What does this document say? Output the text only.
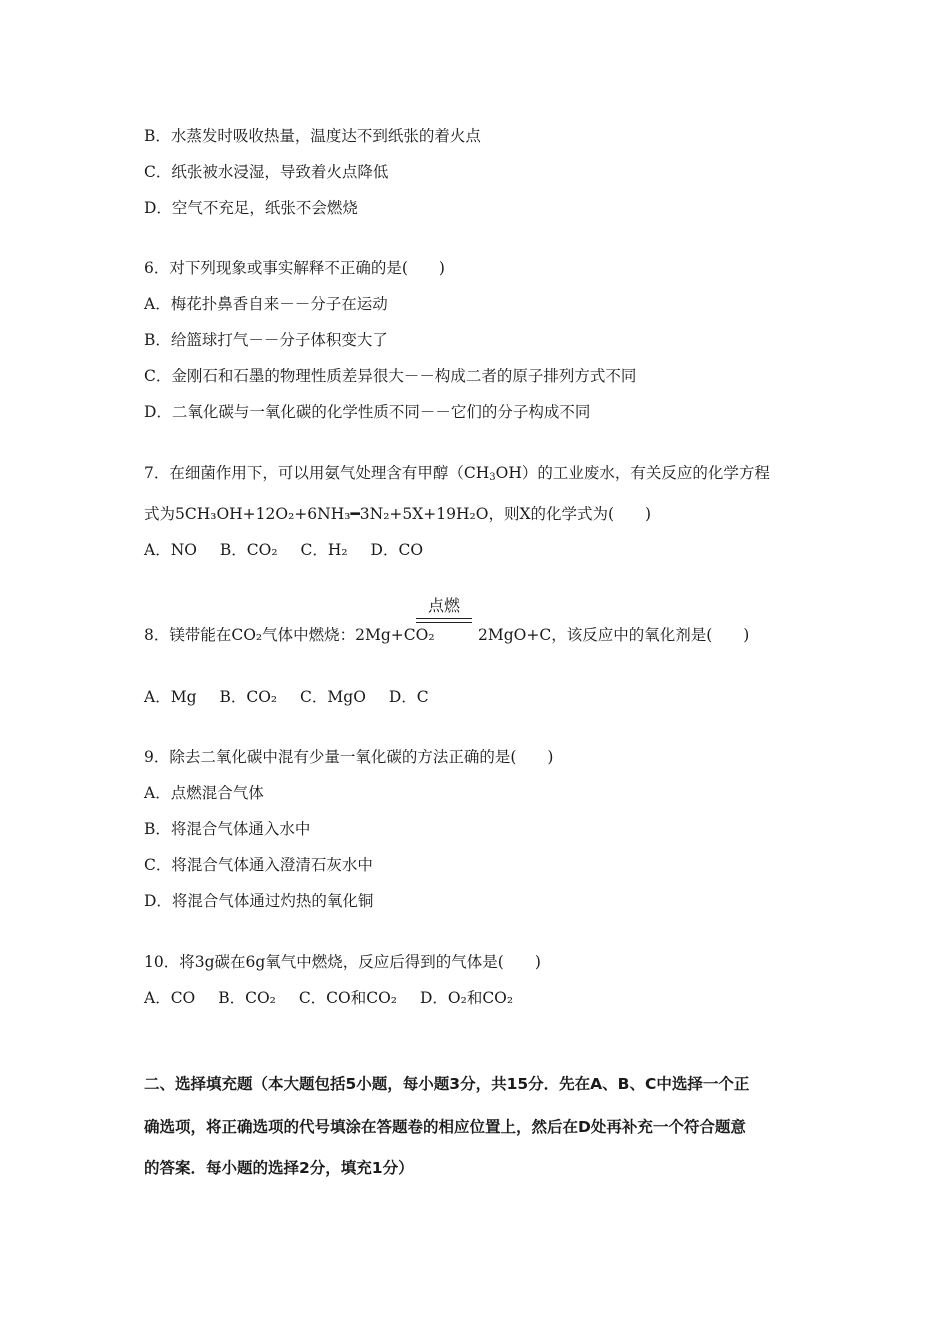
B．水蒸发时吸收热量，温度达不到纸张的着火点
C．纸张被水浸湿，导致着火点降低
D．空气不充足，纸张不会燃烧
6．对下列现象或事实解释不正确的是(　　)
A．梅花扑鼻香自来－－分子在运动
B．给篮球打气－－分子体积变大了
C．金刚石和石墨的物理性质差异很大－－构成二者的原子排列方式不同
D．二氧化碳与一氧化碳的化学性质不同－－它们的分子构成不同
7．在细菌作用下，可以用氨气处理含有甲醇$(CH_3OH)$的工业废水，有关反应的化学方程
式为5CH₃OH+12O₂+6NH₃━3N₂+5X+19H₂O，则X的化学式为(　　)
A．NO B．CO₂ C．H₂ D．CO
点燃
8．镁带能在CO₂气体中燃烧：2Mg+CO₂	2MgO+C，该反应中的氧化剂是(　　)
A．Mg B．CO₂ C．MgO D．C
9．除去二氧化碳中混有少量一氧化碳的方法正确的是(　　)
A．点燃混合气体
B．将混合气体通入水中
C．将混合气体通入澄清石灰水中
D．将混合气体通过灼热的氧化铜
10．将3g碳在6g氧气中燃烧，反应后得到的气体是(　　)
A．CO B．CO₂ C．CO和CO₂ D．O₂和CO₂
二、选择填充题（本大题包括5小题，每小题3分，共15分．先在A、B、C中选择一个正
确选项，将正确选项的代号填涂在答题卷的相应位置上，然后在D处再补充一个符合题意
的答案．每小题的选择2分，填充1分）
